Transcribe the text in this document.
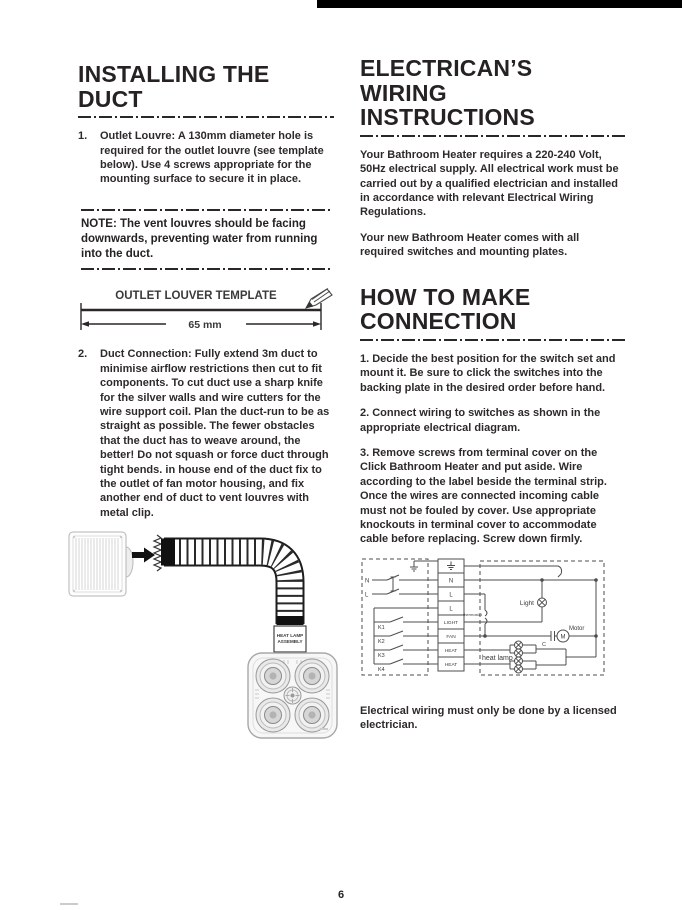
INSTALLING THE
DUCT
1.	Outlet Louvre: A 130mm diameter hole is required for the outlet louvre (see template below). Use 4 screws appropriate for the mounting surface to secure it in place.
NOTE: The vent louvres should be facing downwards, preventing water from running into the duct.
OUTLET LOUVER TEMPLATE
65 mm
2.	Duct Connection: Fully extend 3m duct to minimise airflow restrictions then cut to fit components. To cut duct use a sharp knife for the silver walls and wire cutters for the wire support coil. Plan the duct-run to be as straight as possible. The fewer obstacles that the duct has to weave around, the better! Do not squash or force duct through tight bends. in house end of the duct fix to the outlet of fan motor housing, and fix another end of duct to vent louvres with metal clip.
HEAT LAMP
ASSEMBLY
ELECTRICAN’S
WIRING
INSTRUCTIONS
Your Bathroom Heater requires a 220-240 Volt, 50Hz electrical supply. All electrical work must be carried out by a qualified electrician and installed in accordance with relevant Electrical Wiring Regulations.
Your new Bathroom Heater comes with all required switches and mounting plates.
HOW TO MAKE
CONNECTION
1. Decide the best position for the switch set and mount it. Be sure to click the switches into the backing plate in the desired order before hand.
2. Connect wiring to switches as shown in the appropriate electrical diagram.
3. Remove screws from terminal cover on the Click Bathroom Heater and put aside. Wire according to the label beside the terminal strip. Once the wires are connected incoming cable must not be fouled by cover. Use appropriate knockouts in terminal cover to accommodate cable before replacing. Screw down firmly.
N
L
N
L
L
LIGHT
FAN
HEAT
HEAT
K1
K2
K3
K4
Light
thermostat
Motor
M
C
heat lamp
Electrical wiring must only be done by a licensed electrician.
6
